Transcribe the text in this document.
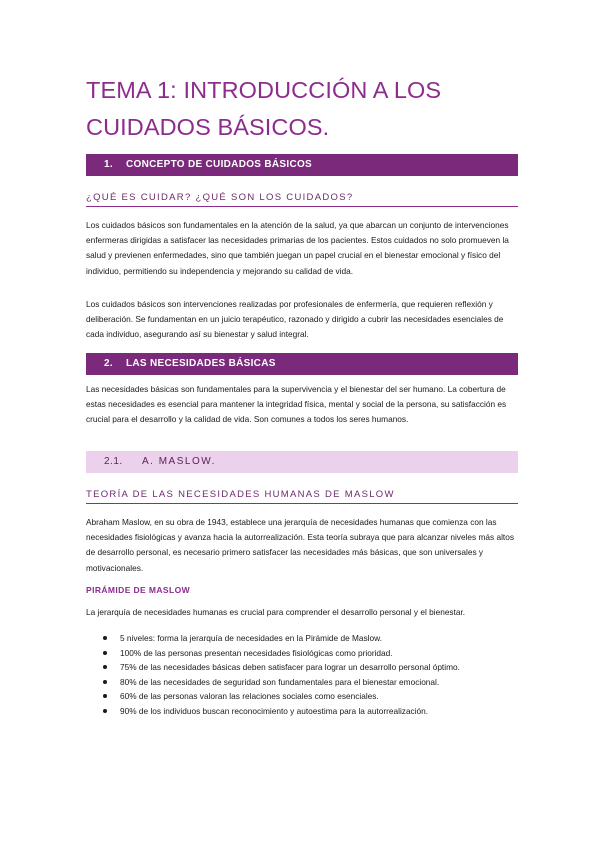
TEMA 1: INTRODUCCIÓN A LOS
CUIDADOS BÁSICOS.
1. CONCEPTO DE CUIDADOS BÁSICOS
¿QUÉ ES CUIDAR? ¿QUÉ SON LOS CUIDADOS?

Los cuidados básicos son fundamentales en la atención de la salud, ya que abarcan un conjunto de intervenciones enfermeras dirigidas a satisfacer las necesidades primarias de los pacientes. Estos cuidados no solo promueven la salud y previenen enfermedades, sino que también juegan un papel crucial en el bienestar emocional y físico del individuo, permitiendo su independencia y mejorando su calidad de vida.

Los cuidados básicos son intervenciones realizadas por profesionales de enfermería, que requieren reflexión y deliberación. Se fundamentan en un juicio terapéutico, razonado y dirigido a cubrir las necesidades esenciales de cada individuo, asegurando así su bienestar y salud integral.

2. LAS NECESIDADES BÁSICAS

Las necesidades básicas son fundamentales para la supervivencia y el bienestar del ser humano. La cobertura de estas necesidades es esencial para mantener la integridad física, mental y social de la persona, su satisfacción es crucial para el desarrollo y la calidad de vida. Son comunes a todos los seres humanos.

2.1. A. MASLOW.
TEORÍA DE LAS NECESIDADES HUMANAS DE MASLOW

Abraham Maslow, en su obra de 1943, establece una jerarquía de necesidades humanas que comienza con las necesidades fisiológicas y avanza hacia la autorrealización. Esta teoría subraya que para alcanzar niveles más altos de desarrollo personal, es necesario primero satisfacer las necesidades más básicas, que son universales y motivacionales.

PIRÁMIDE DE MASLOW

La jerarquía de necesidades humanas es crucial para comprender el desarrollo personal y el bienestar.

5 niveles: forma la jerarquía de necesidades en la Pirámide de Maslow.
100% de las personas presentan necesidades fisiológicas como prioridad.
75% de las necesidades básicas deben satisfacer para lograr un desarrollo personal óptimo.
80% de las necesidades de seguridad son fundamentales para el bienestar emocional.
60% de las personas valoran las relaciones sociales como esenciales.
90% de los individuos buscan reconocimiento y autoestima para la autorrealización.
